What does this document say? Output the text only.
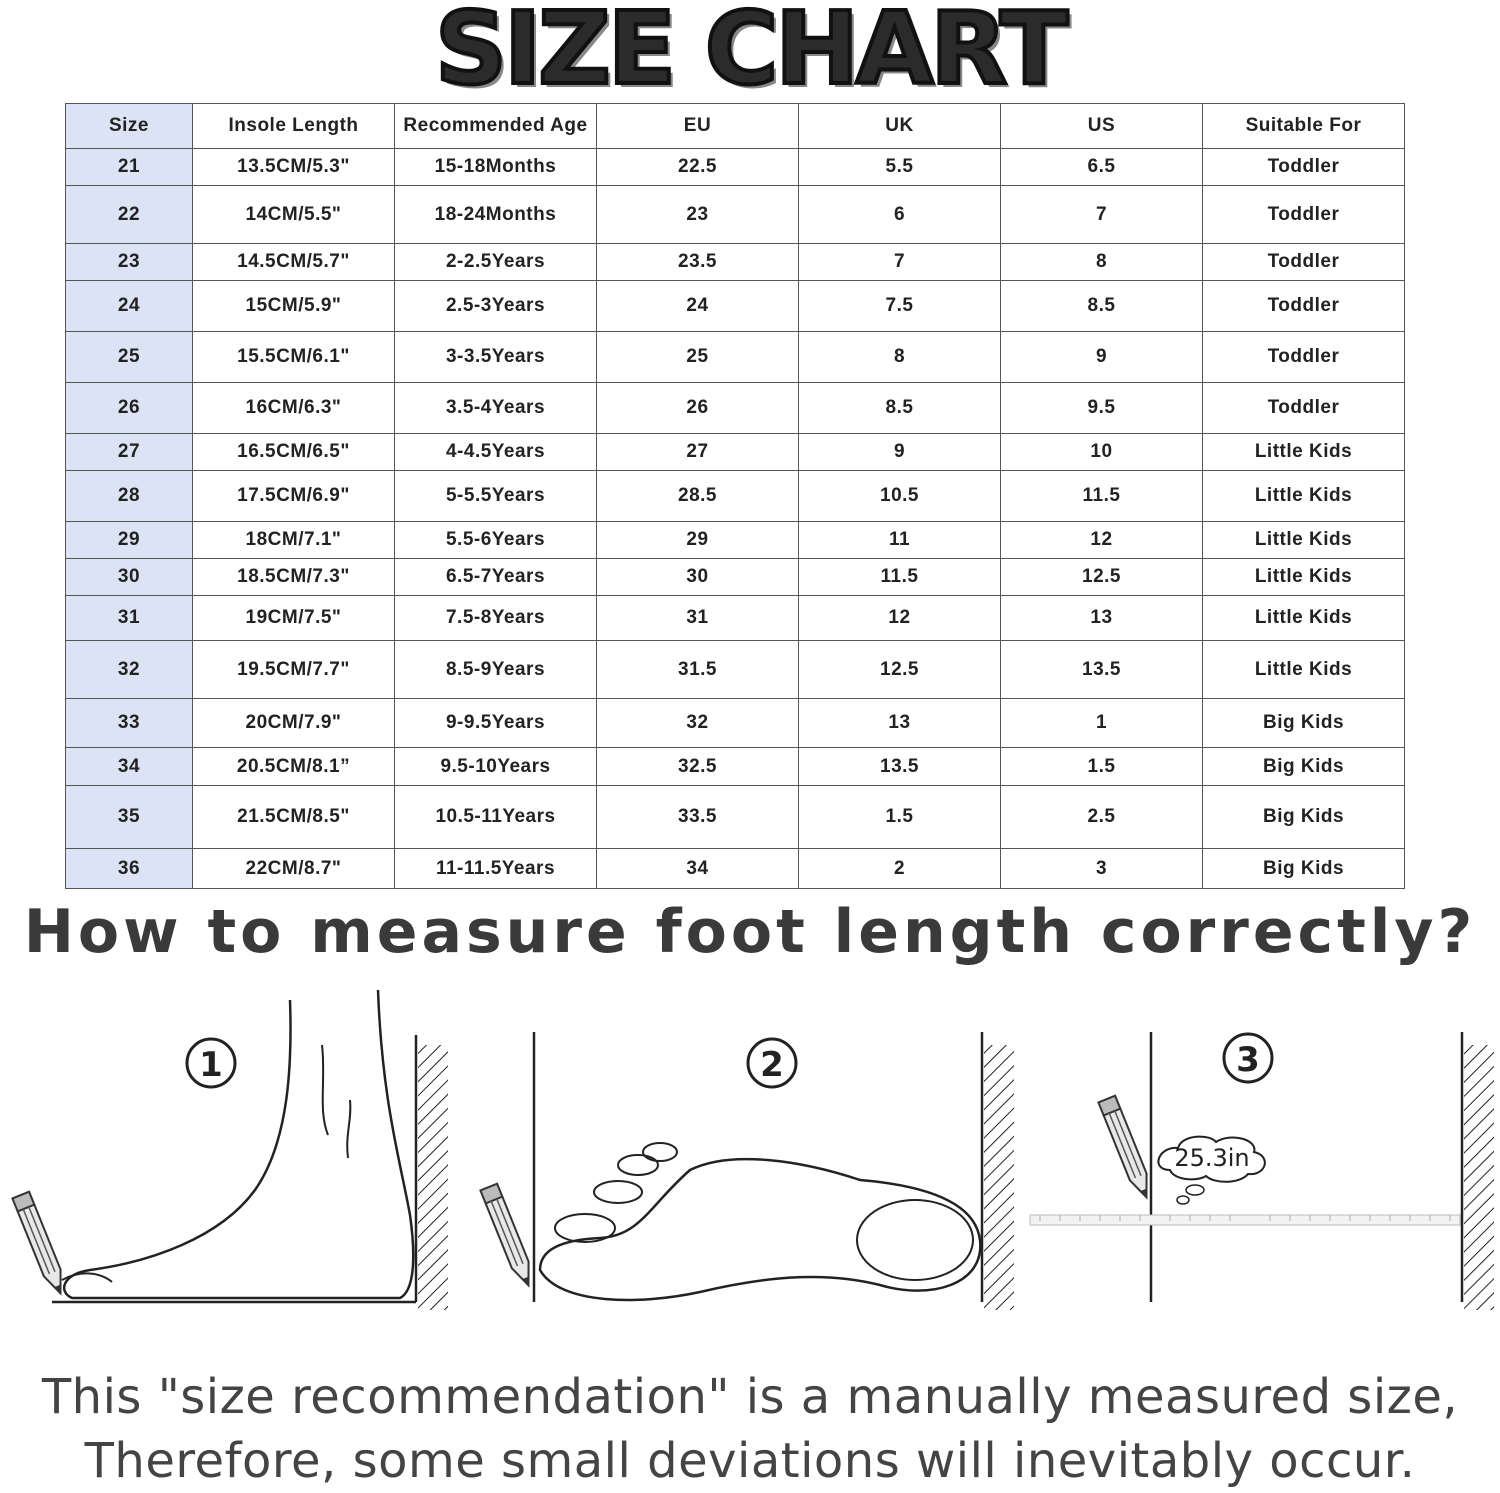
SIZE CHART
Size	Insole Length	Recommended Age	EU	UK	US	Suitable For
21	13.5CM/5.3"	15-18Months	22.5	5.5	6.5	Toddler
22	14CM/5.5"	18-24Months	23	6	7	Toddler
23	14.5CM/5.7"	2-2.5Years	23.5	7	8	Toddler
24	15CM/5.9"	2.5-3Years	24	7.5	8.5	Toddler
25	15.5CM/6.1"	3-3.5Years	25	8	9	Toddler
26	16CM/6.3"	3.5-4Years	26	8.5	9.5	Toddler
27	16.5CM/6.5"	4-4.5Years	27	9	10	Little Kids
28	17.5CM/6.9"	5-5.5Years	28.5	10.5	11.5	Little Kids
29	18CM/7.1"	5.5-6Years	29	11	12	Little Kids
30	18.5CM/7.3"	6.5-7Years	30	11.5	12.5	Little Kids
31	19CM/7.5"	7.5-8Years	31	12	13	Little Kids
32	19.5CM/7.7"	8.5-9Years	31.5	12.5	13.5	Little Kids
33	20CM/7.9"	9-9.5Years	32	13	1	Big Kids
34	20.5CM/8.1”	9.5-10Years	32.5	13.5	1.5	Big Kids
35	21.5CM/8.5"	10.5-11Years	33.5	1.5	2.5	Big Kids
36	22CM/8.7"	11-11.5Years	34	2	3	Big Kids
How to measure foot length correctly?
1	2	3
25.3in
This "size recommendation" is a manually measured size,
Therefore, some small deviations will inevitably occur.
